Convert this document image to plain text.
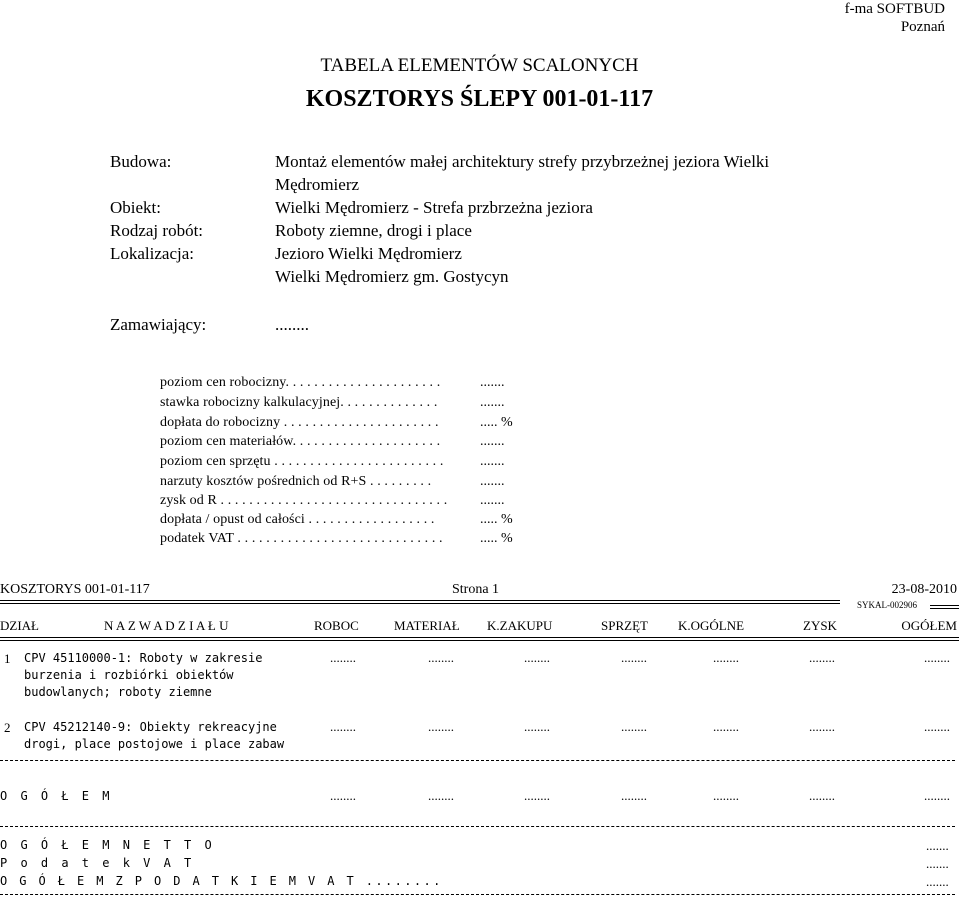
f-ma SOFTBUD
Poznań
TABELA ELEMENTÓW SCALONYCH
KOSZTORYS ŚLEPY 001-01-117
Budowa:	Montaż elementów małej architektury strefy przybrzeżnej jeziora Wielki
Mędromierz
Obiekt:	Wielki Mędromierz - Strefa przbrzeżna jeziora
Rodzaj robót:	Roboty ziemne, drogi i place
Lokalizacja:	Jezioro Wielki Mędromierz
Wielki Mędromierz gm. Gostycyn
Zamawiający:	........
poziom cen robocizny. . . . . . . . . . . . . . . . . . . . . .	.......
stawka robocizny kalkulacyjnej. . . . . . . . . . . . . .	.......
dopłata do robocizny . . . . . . . . . . . . . . . . . . . . . .	..... %
poziom cen materiałów. . . . . . . . . . . . . . . . . . . . .	.......
poziom cen sprzętu . . . . . . . . . . . . . . . . . . . . . . . .	.......
narzuty kosztów pośrednich od R+S . . . . . . . . .	.......
zysk od R . . . . . . . . . . . . . . . . . . . . . . . . . . . . . . . . .......
dopłata / opust od całości . . . . . . . . . . . . . . . . . .	..... %
podatek VAT . . . . . . . . . . . . . . . . . . . . . . . . . . . . .	..... %
KOSZTORYS 001-01-117	Strona 1	23-08-2010
SYKAL-002906
DZIAŁ	N A Z W A D Z I A Ł U	ROBOC	MATERIAŁ K.ZAKUPU	SPRZĘT K.OGÓLNE	ZYSK	OGÓŁEM
1 CPV 45110000-1: Roboty w zakresie
burzenia i rozbiórki obiektów
budowlanych; roboty ziemne
........	........	........	........	........	........	........
2 CPV 45212140-9: Obiekty rekreacyjne
drogi, place postojowe i place zabaw
........	........	........	........	........	........	........
O G Ó Ł E M	........	........	........	........	........	........	........
O G Ó Ł E M N E T T O	.......
P o d a t e k V A T	.......
O G Ó Ł E M Z P O D A T K I E M V A T ........	.......
